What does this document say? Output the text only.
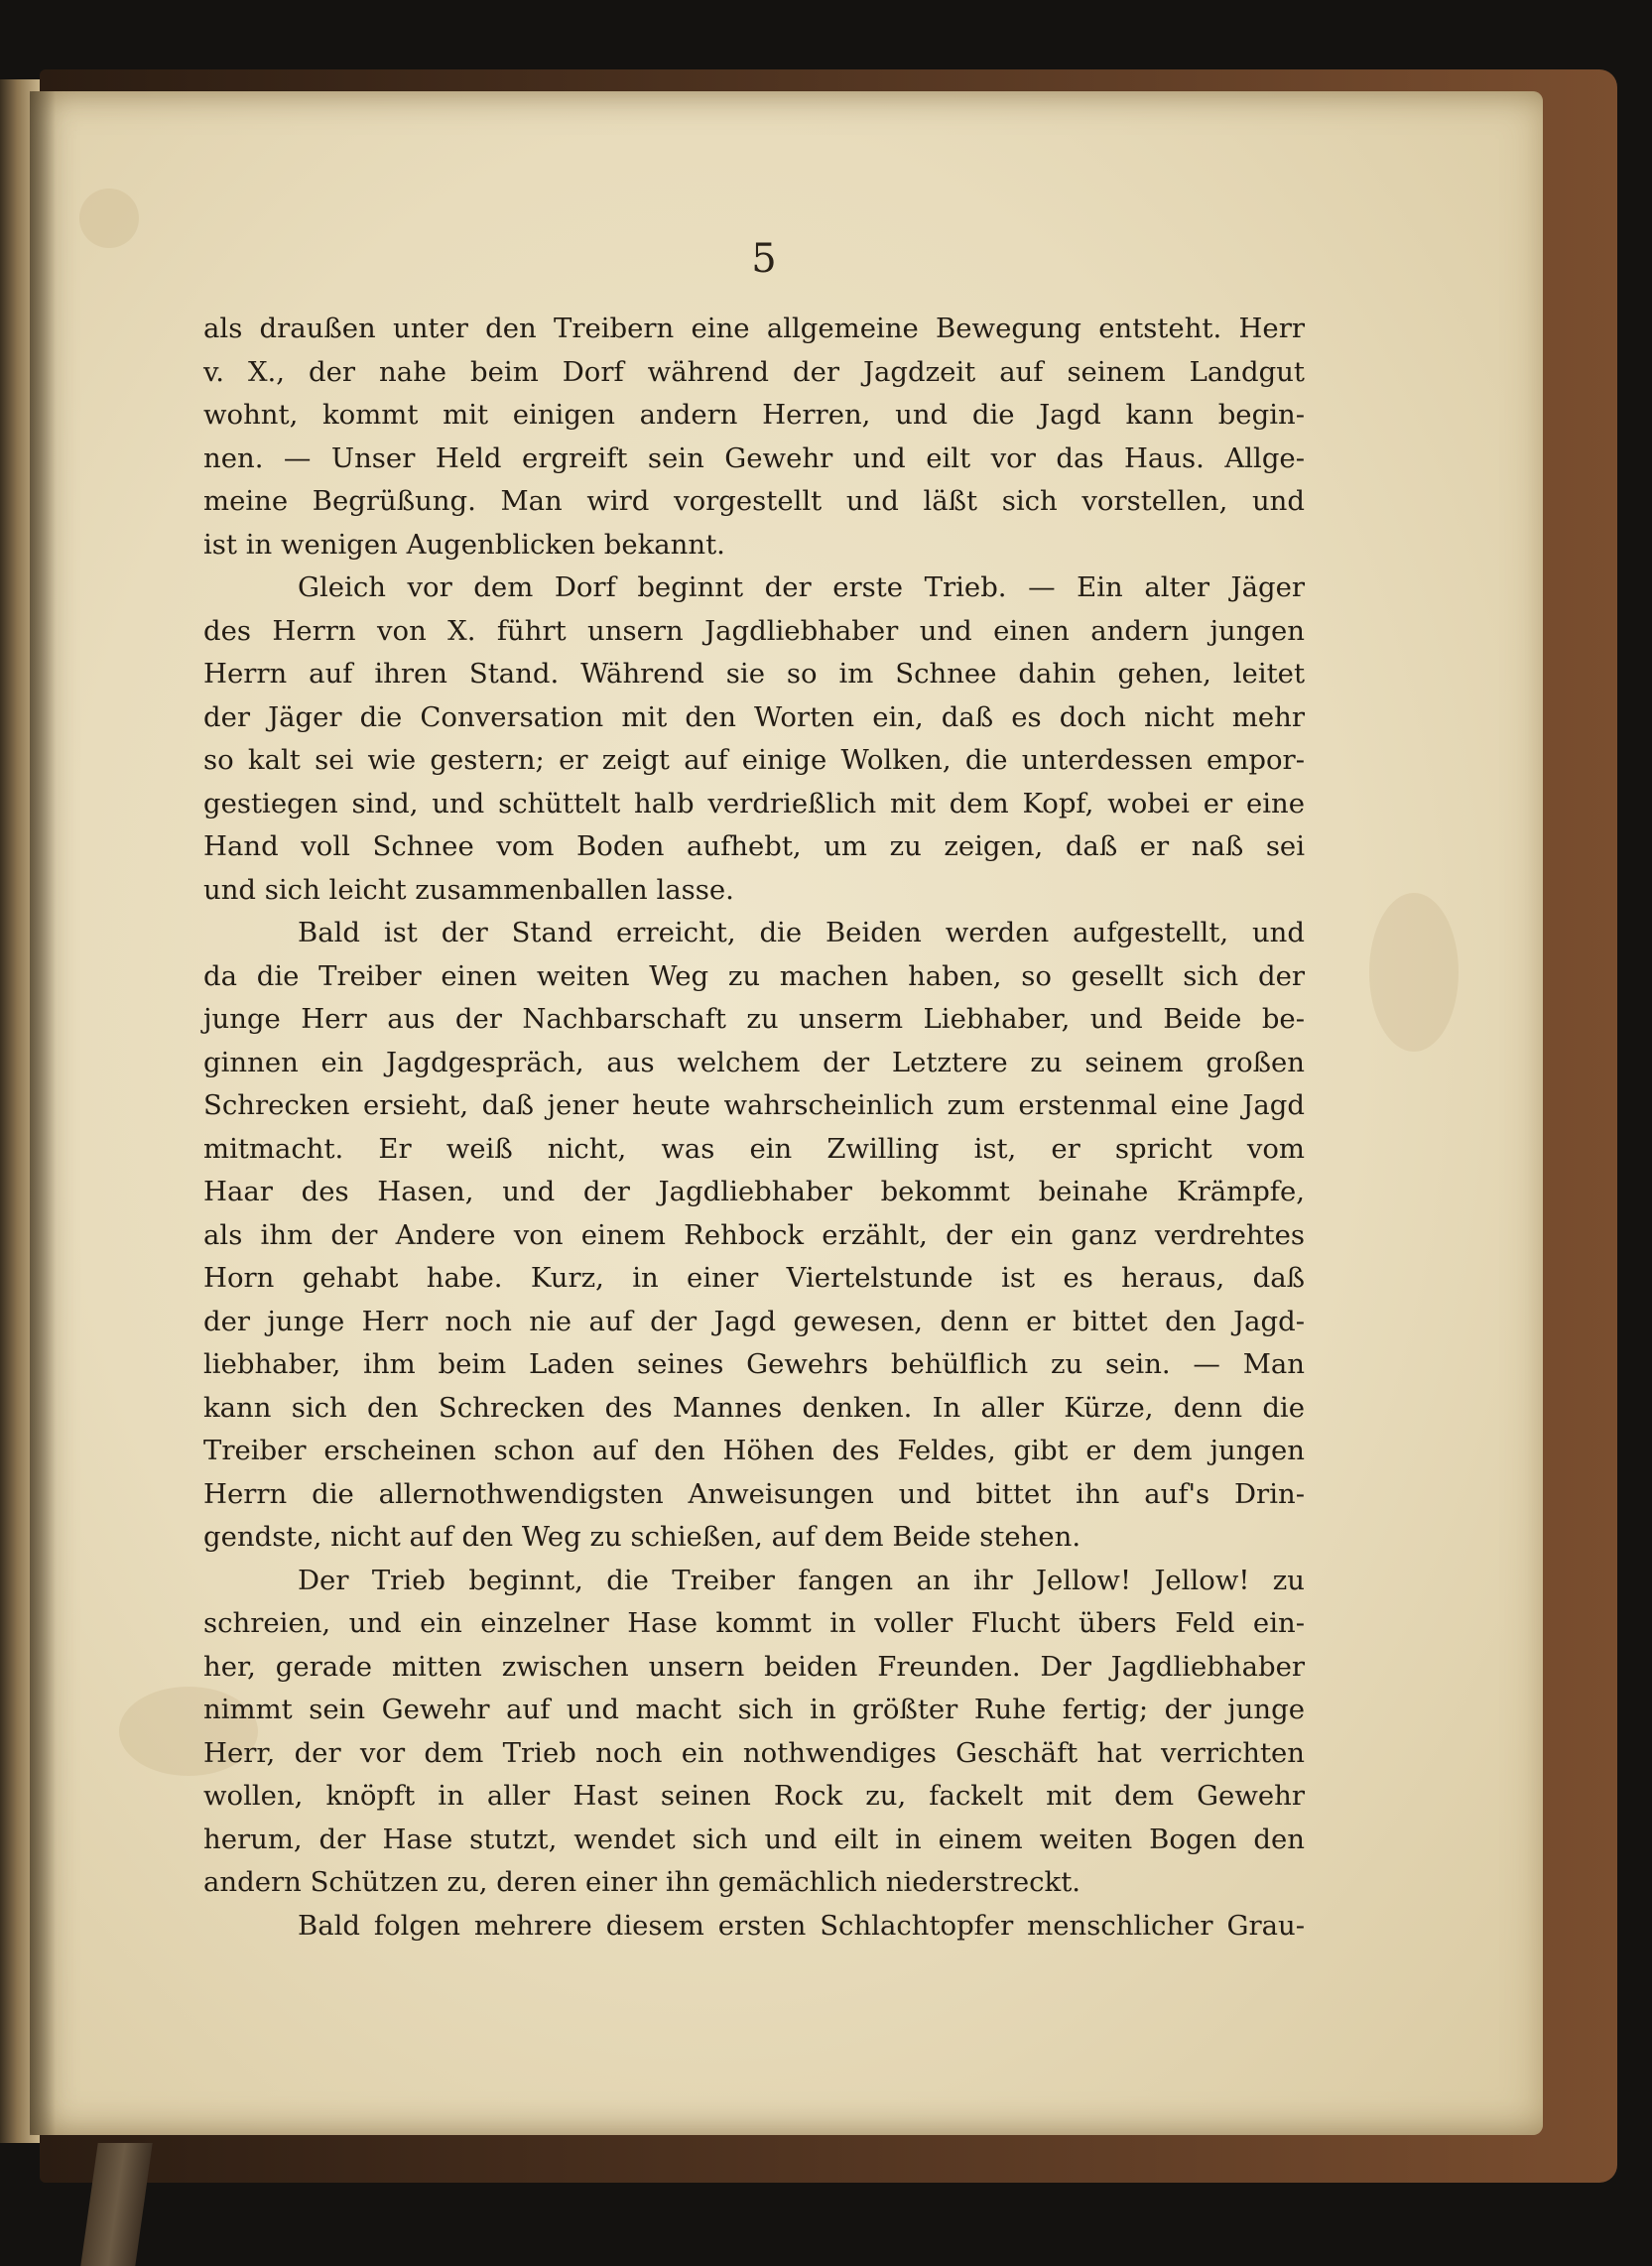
5
als draußen unter den Treibern eine allgemeine Bewegung entsteht. Herr
v. X., der nahe beim Dorf während der Jagdzeit auf seinem Landgut
wohnt, kommt mit einigen andern Herren, und die Jagd kann begin-
nen. — Unser Held ergreift sein Gewehr und eilt vor das Haus. Allge-
meine Begrüßung. Man wird vorgestellt und läßt sich vorstellen, und
ist in wenigen Augenblicken bekannt.
Gleich vor dem Dorf beginnt der erste Trieb. — Ein alter Jäger
des Herrn von X. führt unsern Jagdliebhaber und einen andern jungen
Herrn auf ihren Stand. Während sie so im Schnee dahin gehen, leitet
der Jäger die Conversation mit den Worten ein, daß es doch nicht mehr
so kalt sei wie gestern; er zeigt auf einige Wolken, die unterdessen empor-
gestiegen sind, und schüttelt halb verdrießlich mit dem Kopf, wobei er eine
Hand voll Schnee vom Boden aufhebt, um zu zeigen, daß er naß sei
und sich leicht zusammenballen lasse.
Bald ist der Stand erreicht, die Beiden werden aufgestellt, und
da die Treiber einen weiten Weg zu machen haben, so gesellt sich der
junge Herr aus der Nachbarschaft zu unserm Liebhaber, und Beide be-
ginnen ein Jagdgespräch, aus welchem der Letztere zu seinem großen
Schrecken ersieht, daß jener heute wahrscheinlich zum erstenmal eine Jagd
mitmacht. Er weiß nicht, was ein Zwilling ist, er spricht vom
Haar des Hasen, und der Jagdliebhaber bekommt beinahe Krämpfe,
als ihm der Andere von einem Rehbock erzählt, der ein ganz verdrehtes
Horn gehabt habe. Kurz, in einer Viertelstunde ist es heraus, daß
der junge Herr noch nie auf der Jagd gewesen, denn er bittet den Jagd-
liebhaber, ihm beim Laden seines Gewehrs behülflich zu sein. — Man
kann sich den Schrecken des Mannes denken. In aller Kürze, denn die
Treiber erscheinen schon auf den Höhen des Feldes, gibt er dem jungen
Herrn die allernothwendigsten Anweisungen und bittet ihn auf's Drin-
gendste, nicht auf den Weg zu schießen, auf dem Beide stehen.
Der Trieb beginnt, die Treiber fangen an ihr Jellow! Jellow! zu
schreien, und ein einzelner Hase kommt in voller Flucht übers Feld ein-
her, gerade mitten zwischen unsern beiden Freunden. Der Jagdliebhaber
nimmt sein Gewehr auf und macht sich in größter Ruhe fertig; der junge
Herr, der vor dem Trieb noch ein nothwendiges Geschäft hat verrichten
wollen, knöpft in aller Hast seinen Rock zu, fackelt mit dem Gewehr
herum, der Hase stutzt, wendet sich und eilt in einem weiten Bogen den
andern Schützen zu, deren einer ihn gemächlich niederstreckt.
Bald folgen mehrere diesem ersten Schlachtopfer menschlicher Grau-
